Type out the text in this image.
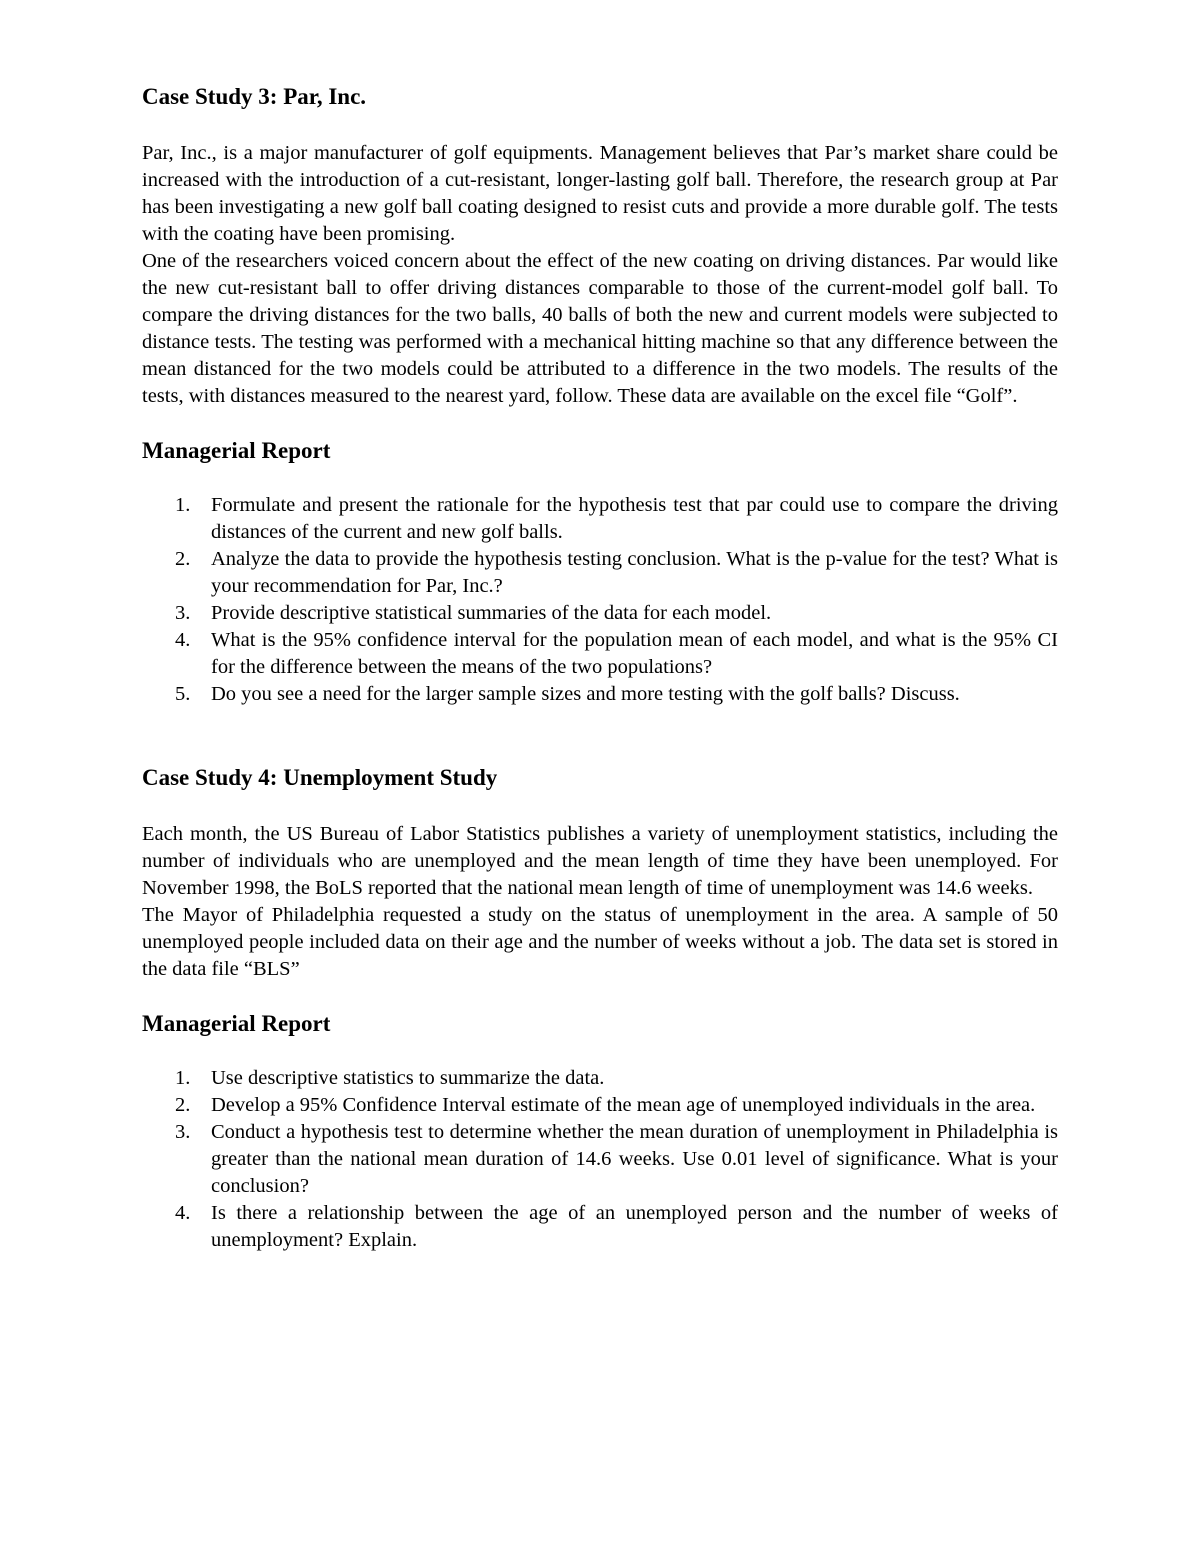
Case Study 3: Par, Inc.

Par, Inc., is a major manufacturer of golf equipments. Management believes that Par’s market share could be increased with the introduction of a cut-resistant, longer-lasting golf ball. Therefore, the research group at Par has been investigating a new golf ball coating designed to resist cuts and provide a more durable golf. The tests with the coating have been promising.

One of the researchers voiced concern about the effect of the new coating on driving distances. Par would like the new cut-resistant ball to offer driving distances comparable to those of the current-model golf ball. To compare the driving distances for the two balls, 40 balls of both the new and current models were subjected to distance tests. The testing was performed with a mechanical hitting machine so that any difference between the mean distanced for the two models could be attributed to a difference in the two models. The results of the tests, with distances measured to the nearest yard, follow. These data are available on the excel file “Golf”.

Managerial Report
1. Formulate and present the rationale for the hypothesis test that par could use to compare the driving distances of the current and new golf balls.
2. Analyze the data to provide the hypothesis testing conclusion. What is the p-value for the test? What is your recommendation for Par, Inc.?
3. Provide descriptive statistical summaries of the data for each model.
4. What is the 95% confidence interval for the population mean of each model, and what is the 95% CI for the difference between the means of the two populations?
5. Do you see a need for the larger sample sizes and more testing with the golf balls? Discuss.
Case Study 4: Unemployment Study

Each month, the US Bureau of Labor Statistics publishes a variety of unemployment statistics, including the number of individuals who are unemployed and the mean length of time they have been unemployed. For November 1998, the BoLS reported that the national mean length of time of unemployment was 14.6 weeks.

The Mayor of Philadelphia requested a study on the status of unemployment in the area. A sample of 50 unemployed people included data on their age and the number of weeks without a job. The data set is stored in the data file “BLS”

Managerial Report
1. Use descriptive statistics to summarize the data.
2. Develop a 95% Confidence Interval estimate of the mean age of unemployed individuals in the area.
3. Conduct a hypothesis test to determine whether the mean duration of unemployment in Philadelphia is greater than the national mean duration of 14.6 weeks. Use 0.01 level of significance. What is your conclusion?
4. Is there a relationship between the age of an unemployed person and the number of weeks of unemployment? Explain.
